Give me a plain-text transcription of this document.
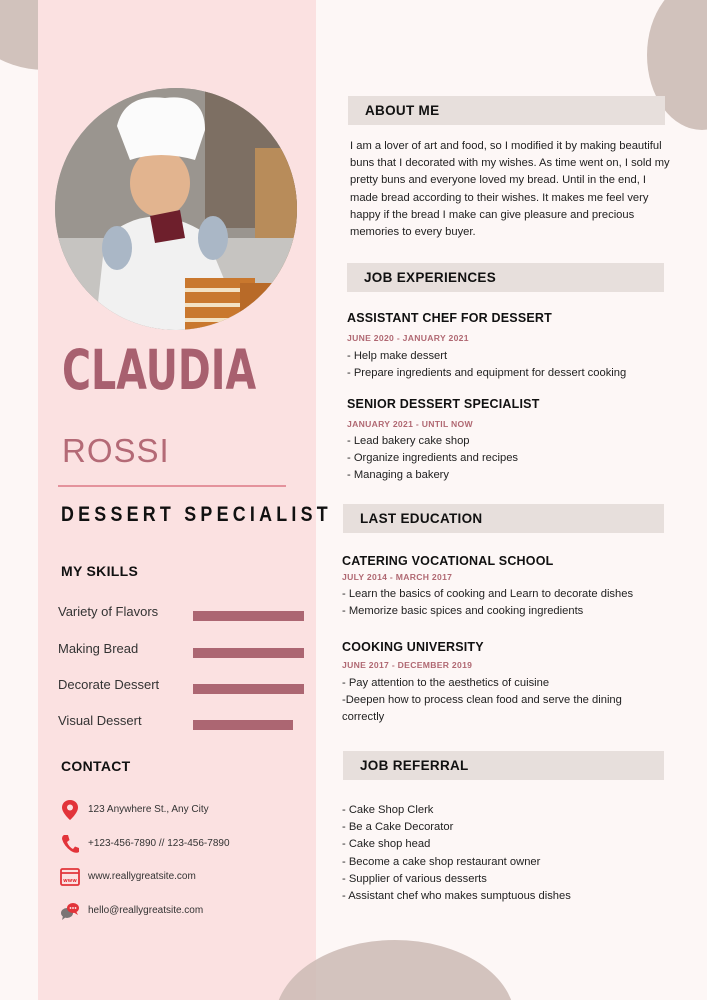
CLAUDIA
ROSSI
DESSERT SPECIALIST
MY SKILLS
Variety of Flavors
Making Bread
Decorate Dessert
Visual Dessert
CONTACT
123 Anywhere St., Any City
+123-456-7890 // 123-456-7890
www www.reallygreatsite.com
hello@reallygreatsite.com
ABOUT ME
I am a lover of art and food, so I modified it by making beautiful buns that I decorated with my wishes. As time went on, I sold my pretty buns and everyone loved my bread. Until in the end, I made bread according to their wishes. It makes me feel very happy if the bread I make can give pleasure and precious memories to every buyer.
JOB EXPERIENCES
ASSISTANT CHEF FOR DESSERT
JUNE 2020 - JANUARY 2021
- Help make dessert
- Prepare ingredients and equipment for dessert cooking
SENIOR DESSERT SPECIALIST
JANUARY 2021 - UNTIL NOW
- Lead bakery cake shop
- Organize ingredients and recipes
- Managing a bakery
LAST EDUCATION
CATERING VOCATIONAL SCHOOL
JULY 2014 - MARCH 2017
- Learn the basics of cooking and Learn to decorate dishes
- Memorize basic spices and cooking ingredients
COOKING UNIVERSITY
JUNE 2017 - DECEMBER 2019
- Pay attention to the aesthetics of cuisine
-Deepen how to process clean food and serve the dining correctly
JOB REFERRAL
- Cake Shop Clerk
- Be a Cake Decorator
- Cake shop head
- Become a cake shop restaurant owner
- Supplier of various desserts
- Assistant chef who makes sumptuous dishes
